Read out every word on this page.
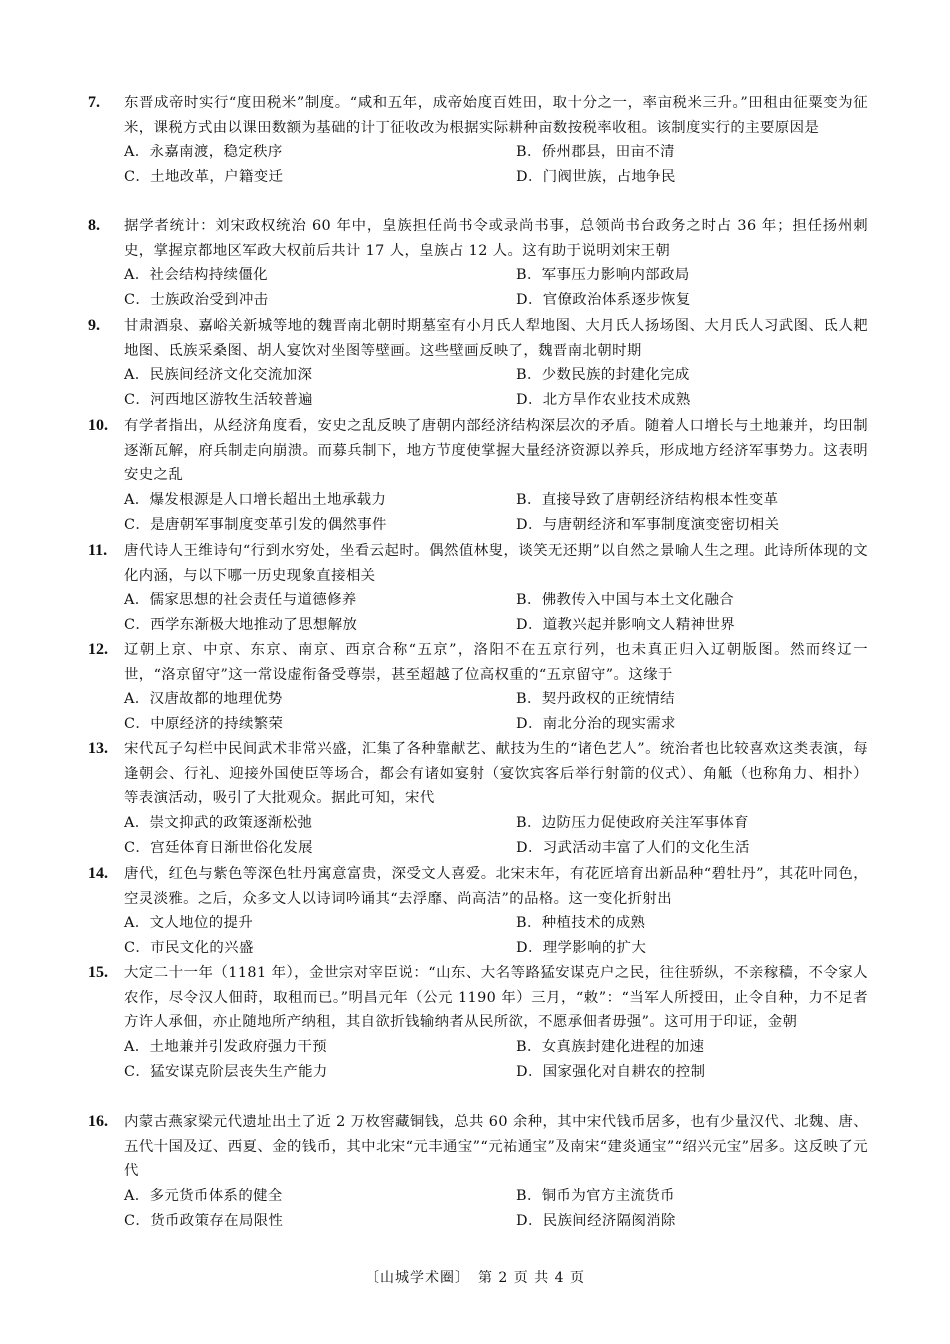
7.	东晋成帝时实行“度田税米”制度。“咸和五年，成帝始度百姓田，取十分之一，率亩税米三升。”田租由征粟变为征米，课税方式由以课田数额为基础的计丁征收改为根据实际耕种亩数按税率收租。该制度实行的主要原因是
A．永嘉南渡，稳定秩序	B．侨州郡县，田亩不清
C．土地改革，户籍变迁	D．门阀世族，占地争民
8.	据学者统计：刘宋政权统治 60 年中，皇族担任尚书令或录尚书事，总领尚书台政务之时占 36 年；担任扬州刺史，掌握京都地区军政大权前后共计 17 人，皇族占 12 人。这有助于说明刘宋王朝
A．社会结构持续僵化	B．军事压力影响内部政局
C．士族政治受到冲击	D．官僚政治体系逐步恢复
9.	甘肃酒泉、嘉峪关新城等地的魏晋南北朝时期墓室有小月氏人犁地图、大月氏人扬场图、大月氏人习武图、氐人耙地图、氐族采桑图、胡人宴饮对坐图等壁画。这些壁画反映了，魏晋南北朝时期
A．民族间经济文化交流加深	B．少数民族的封建化完成
C．河西地区游牧生活较普遍	D．北方旱作农业技术成熟
10.	有学者指出，从经济角度看，安史之乱反映了唐朝内部经济结构深层次的矛盾。随着人口增长与土地兼并，均田制逐渐瓦解，府兵制走向崩溃。而募兵制下，地方节度使掌握大量经济资源以养兵，形成地方经济军事势力。这表明安史之乱
A．爆发根源是人口增长超出土地承载力	B．直接导致了唐朝经济结构根本性变革
C．是唐朝军事制度变革引发的偶然事件	D．与唐朝经济和军事制度演变密切相关
11.	唐代诗人王维诗句“行到水穷处，坐看云起时。偶然值林叟，谈笑无还期”以自然之景喻人生之理。此诗所体现的文化内涵，与以下哪一历史现象直接相关
A．儒家思想的社会责任与道德修养	B．佛教传入中国与本土文化融合
C．西学东渐极大地推动了思想解放	D．道教兴起并影响文人精神世界
12.	辽朝上京、中京、东京、南京、西京合称“五京”，洛阳不在五京行列，也未真正归入辽朝版图。然而终辽一世，“洛京留守”这一常设虚衔备受尊崇，甚至超越了位高权重的“五京留守”。这缘于
A．汉唐故都的地理优势	B．契丹政权的正统情结
C．中原经济的持续繁荣	D．南北分治的现实需求
13.	宋代瓦子勾栏中民间武术非常兴盛，汇集了各种靠献艺、献技为生的“诸色艺人”。统治者也比较喜欢这类表演，每逢朝会、行礼、迎接外国使臣等场合，都会有诸如宴射（宴饮宾客后举行射箭的仪式）、角觝（也称角力、相扑）等表演活动，吸引了大批观众。据此可知，宋代
A．崇文抑武的政策逐渐松弛	B．边防压力促使政府关注军事体育
C．宫廷体育日渐世俗化发展	D．习武活动丰富了人们的文化生活
14.	唐代，红色与紫色等深色牡丹寓意富贵，深受文人喜爱。北宋末年，有花匠培育出新品种“碧牡丹”，其花叶同色，空灵淡雅。之后，众多文人以诗词吟诵其“去浮靡、尚高洁”的品格。这一变化折射出
A．文人地位的提升	B．种植技术的成熟
C．市民文化的兴盛	D．理学影响的扩大
15.	大定二十一年（1181 年），金世宗对宰臣说：“山东、大名等路猛安谋克户之民，往往骄纵，不亲稼穑，不令家人农作，尽令汉人佃莳，取租而已。”明昌元年（公元 1190 年）三月，“敕”：“当军人所授田，止令自种，力不足者方许人承佃，亦止随地所产纳租，其自欲折钱输纳者从民所欲，不愿承佃者毋强”。这可用于印证，金朝
A．土地兼并引发政府强力干预	B．女真族封建化进程的加速
C．猛安谋克阶层丧失生产能力	D．国家强化对自耕农的控制
16.	内蒙古燕家梁元代遗址出土了近 2 万枚窖藏铜钱，总共 60 余种，其中宋代钱币居多，也有少量汉代、北魏、唐、五代十国及辽、西夏、金的钱币，其中北宋“元丰通宝”“元祐通宝”及南宋“建炎通宝”“绍兴元宝”居多。这反映了元代
A．多元货币体系的健全	B．铜币为官方主流货币
C．货币政策存在局限性	D．民族间经济隔阂消除
〔山城学术圈〕　第 2 页 共 4 页
